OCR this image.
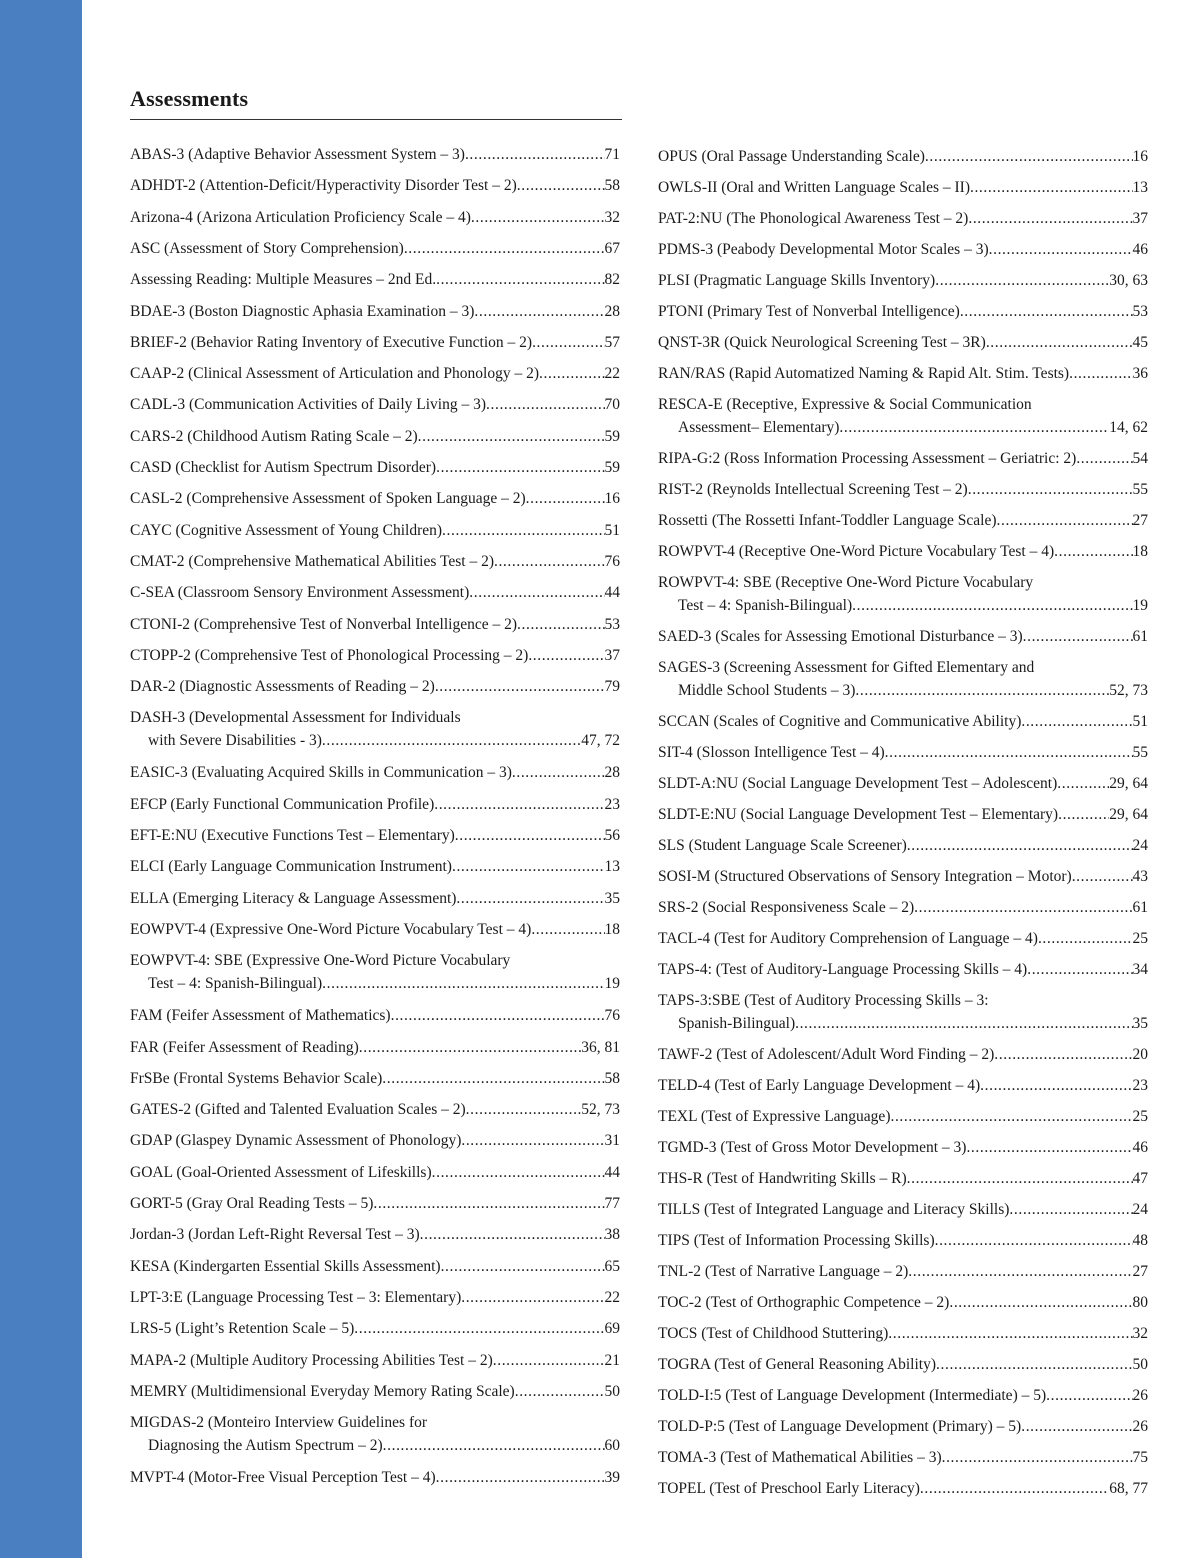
Assessments
ABAS-3 (Adaptive Behavior Assessment System – 3) .....	71
ADHDT-2 (Attention-Deficit/Hyperactivity Disorder Test – 2) .....	58
Arizona-4 (Arizona Articulation Proficiency Scale – 4) .....	32
ASC (Assessment of Story Comprehension) .....	67
Assessing Reading: Multiple Measures – 2nd Ed. .....	82
BDAE-3 (Boston Diagnostic Aphasia Examination – 3) .....	28
BRIEF-2 (Behavior Rating Inventory of Executive Function – 2) .....	57
CAAP-2 (Clinical Assessment of Articulation and Phonology – 2) .....	22
CADL-3 (Communication Activities of Daily Living – 3) .....	70
CARS-2 (Childhood Autism Rating Scale – 2) .....	59
CASD (Checklist for Autism Spectrum Disorder) .....	59
CASL-2 (Comprehensive Assessment of Spoken Language – 2) .....	16
CAYC (Cognitive Assessment of Young Children) .....	51
CMAT-2 (Comprehensive Mathematical Abilities Test – 2) .....	76
C-SEA (Classroom Sensory Environment Assessment) .....	44
CTONI-2 (Comprehensive Test of Nonverbal Intelligence – 2) .....	53
CTOPP-2 (Comprehensive Test of Phonological Processing – 2) .....	37
DAR-2 (Diagnostic Assessments of Reading – 2) .....	79
DASH-3 (Developmental Assessment for Individuals
with Severe Disabilities - 3) .....	47, 72
EASIC-3 (Evaluating Acquired Skills in Communication – 3) .....	28
EFCP (Early Functional Communication Profile) .....	23
EFT-E:NU (Executive Functions Test – Elementary) .....	56
ELCI (Early Language Communication Instrument) .....	13
ELLA (Emerging Literacy & Language Assessment) .....	35
EOWPVT-4 (Expressive One-Word Picture Vocabulary Test – 4) .....	18
EOWPVT-4: SBE (Expressive One-Word Picture Vocabulary
Test – 4: Spanish-Bilingual) .....	19
FAM (Feifer Assessment of Mathematics) .....	76
FAR (Feifer Assessment of Reading) .....	36, 81
FrSBe (Frontal Systems Behavior Scale) .....	58
GATES-2 (Gifted and Talented Evaluation Scales – 2) .....	52, 73
GDAP (Glaspey Dynamic Assessment of Phonology) .....	31
GOAL (Goal-Oriented Assessment of Lifeskills) .....	44
GORT-5 (Gray Oral Reading Tests – 5) .....	77
Jordan-3 (Jordan Left-Right Reversal Test – 3) .....	38
KESA (Kindergarten Essential Skills Assessment) .....	65
LPT-3:E (Language Processing Test – 3: Elementary) .....	22
LRS-5 (Light’s Retention Scale – 5) .....	69
MAPA-2 (Multiple Auditory Processing Abilities Test – 2) .....	21
MEMRY (Multidimensional Everyday Memory Rating Scale) .....	50
MIGDAS-2 (Monteiro Interview Guidelines for
Diagnosing the Autism Spectrum – 2) .....	60
MVPT-4 (Motor-Free Visual Perception Test – 4) .....	39
OPUS (Oral Passage Understanding Scale) .....	16
OWLS-II (Oral and Written Language Scales – II) .....	13
PAT-2:NU (The Phonological Awareness Test – 2) .....	37
PDMS-3 (Peabody Developmental Motor Scales – 3) .....	46
PLSI (Pragmatic Language Skills Inventory) .....	30, 63
PTONI (Primary Test of Nonverbal Intelligence) .....	53
QNST-3R (Quick Neurological Screening Test – 3R) .....	45
RAN/RAS (Rapid Automatized Naming & Rapid Alt. Stim. Tests) .....	36
RESCA-E (Receptive, Expressive & Social Communication
Assessment– Elementary) .....	14, 62
RIPA-G:2 (Ross Information Processing Assessment – Geriatric: 2) .....	54
RIST-2 (Reynolds Intellectual Screening Test – 2) .....	55
Rossetti (The Rossetti Infant-Toddler Language Scale) .....	27
ROWPVT-4 (Receptive One-Word Picture Vocabulary Test – 4) .....	18
ROWPVT-4: SBE (Receptive One-Word Picture Vocabulary
Test – 4: Spanish-Bilingual) .....	19
SAED-3 (Scales for Assessing Emotional Disturbance – 3) .....	61
SAGES-3 (Screening Assessment for Gifted Elementary and
Middle School Students – 3) .....	52, 73
SCCAN (Scales of Cognitive and Communicative Ability) .....	51
SIT-4 (Slosson Intelligence Test – 4) .....	55
SLDT-A:NU (Social Language Development Test – Adolescent) .....	29, 64
SLDT-E:NU (Social Language Development Test – Elementary) .....	29, 64
SLS (Student Language Scale Screener) .....	24
SOSI-M (Structured Observations of Sensory Integration – Motor) .....	43
SRS-2 (Social Responsiveness Scale – 2) .....	61
TACL-4 (Test for Auditory Comprehension of Language – 4) .....	25
TAPS-4: (Test of Auditory-Language Processing Skills – 4) .....	34
TAPS-3:SBE (Test of Auditory Processing Skills – 3:
Spanish-Bilingual) .....	35
TAWF-2 (Test of Adolescent/Adult Word Finding – 2) .....	20
TELD-4 (Test of Early Language Development – 4) .....	23
TEXL (Test of Expressive Language) .....	25
TGMD-3 (Test of Gross Motor Development – 3) .....	46
THS-R (Test of Handwriting Skills – R) .....	47
TILLS (Test of Integrated Language and Literacy Skills) .....	24
TIPS (Test of Information Processing Skills) .....	48
TNL-2 (Test of Narrative Language – 2) .....	27
TOC-2 (Test of Orthographic Competence – 2) .....	80
TOCS (Test of Childhood Stuttering) .....	32
TOGRA (Test of General Reasoning Ability) .....	50
TOLD-I:5 (Test of Language Development (Intermediate) – 5) .....	26
TOLD-P:5 (Test of Language Development (Primary) – 5) .....	26
TOMA-3 (Test of Mathematical Abilities – 3) .....	75
TOPEL (Test of Preschool Early Literacy) .....	68, 77
